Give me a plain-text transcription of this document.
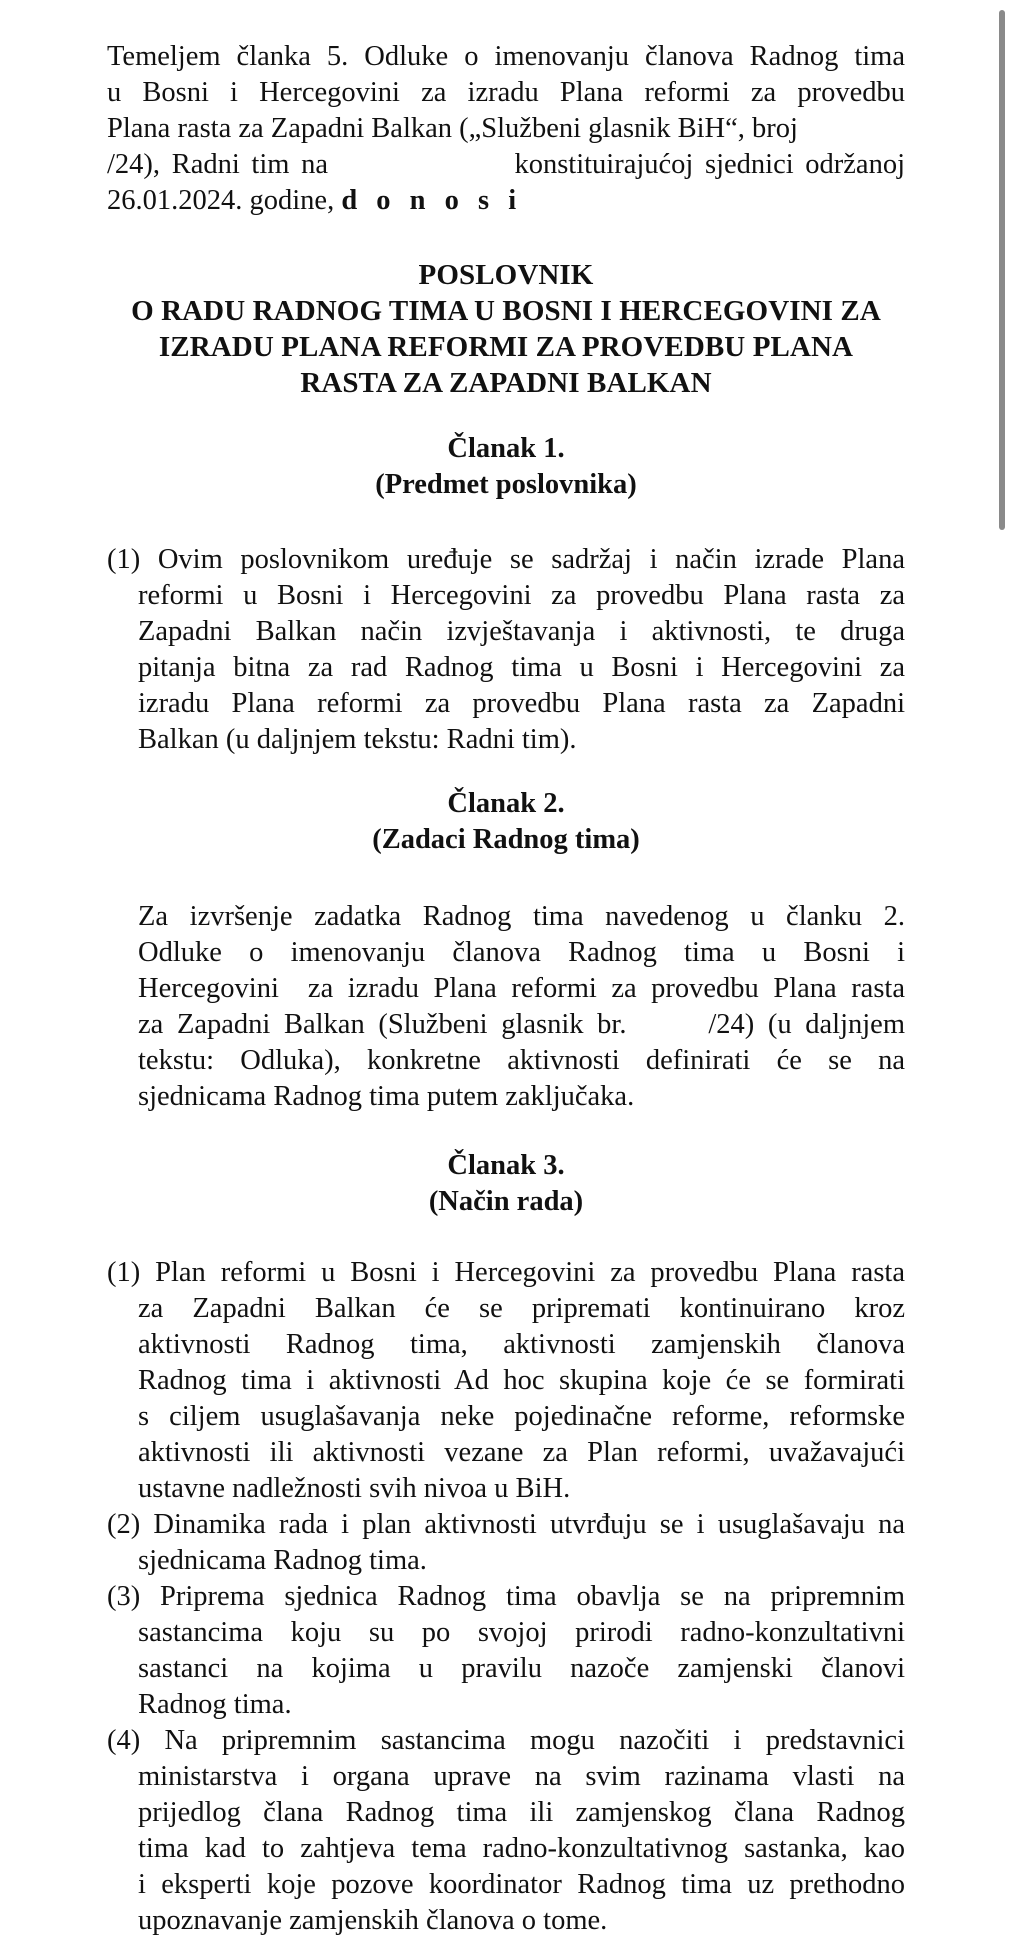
Temeljem članka 5. Odluke o imenovanju članova Radnog tima
u Bosni i Hercegovini za izradu Plana reformi za provedbu
Plana rasta za Zapadni Balkan („Službeni glasnik BiH“, broj
/24), Radni tim na                konstituirajućoj sjednici održanoj
26.01.2024. godine, d o n o s i
POSLOVNIK
O RADU RADNOG TIMA U BOSNI I HERCEGOVINI ZA
IZRADU PLANA REFORMI ZA PROVEDBU PLANA
RASTA ZA ZAPADNI BALKAN
Članak 1.
(Predmet poslovnika)
(1) Ovim poslovnikom uređuje se sadržaj i način izrade Plana
reformi u Bosni i Hercegovini za provedbu Plana rasta za
Zapadni Balkan način izvještavanja i aktivnosti, te druga
pitanja bitna za rad Radnog tima u Bosni i Hercegovini za
izradu Plana reformi za provedbu Plana rasta za Zapadni
Balkan (u daljnjem tekstu: Radni tim).
Članak 2.
(Zadaci Radnog tima)
Za izvršenje zadatka Radnog tima navedenog u članku 2.
Odluke o imenovanju članova Radnog tima u Bosni i
Hercegovini  za izradu Plana reformi za provedbu Plana rasta
za Zapadni Balkan (Službeni glasnik br.      /24) (u daljnjem
tekstu: Odluka), konkretne aktivnosti definirati će se na
sjednicama Radnog tima putem zaključaka.
Članak 3.
(Način rada)
(1) Plan reformi u Bosni i Hercegovini za provedbu Plana rasta
za Zapadni Balkan će se pripremati kontinuirano kroz
aktivnosti Radnog tima, aktivnosti zamjenskih članova
Radnog tima i aktivnosti Ad hoc skupina koje će se formirati
s ciljem usuglašavanja neke pojedinačne reforme, reformske
aktivnosti ili aktivnosti vezane za Plan reformi, uvažavajući
ustavne nadležnosti svih nivoa u BiH.
(2) Dinamika rada i plan aktivnosti utvrđuju se i usuglašavaju na
sjednicama Radnog tima.
(3) Priprema sjednica Radnog tima obavlja se na pripremnim
sastancima koju su po svojoj prirodi radno-konzultativni
sastanci na kojima u pravilu nazoče zamjenski članovi
Radnog tima.
(4) Na pripremnim sastancima mogu nazočiti i predstavnici
ministarstva i organa uprave na svim razinama vlasti na
prijedlog člana Radnog tima ili zamjenskog člana Radnog
tima kad to zahtjeva tema radno-konzultativnog sastanka, kao
i eksperti koje pozove koordinator Radnog tima uz prethodno
upoznavanje zamjenskih članova o tome.
